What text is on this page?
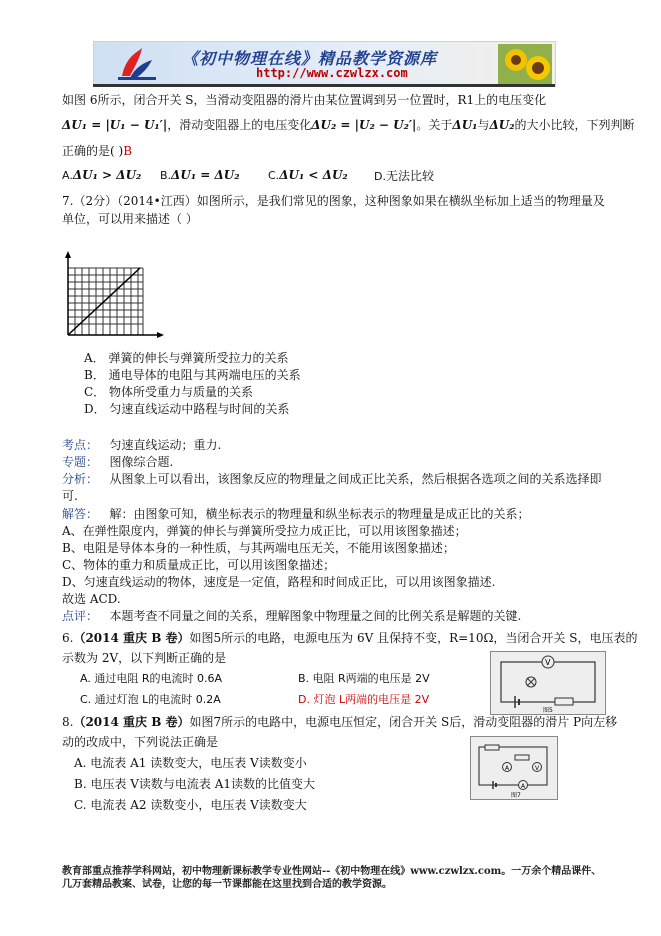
《初中物理在线》精品教学资源库
http://www.czwlzx.com
如图 6所示，闭合开关 S，当滑动变阻器的滑片由某位置调到另一位置时，R1上的电压变化
ΔU₁ = |U₁ − U₁′|，滑动变阻器上的电压变化ΔU₂ = |U₂ − U₂′|。关于ΔU₁与ΔU₂的大小比较，下列判断
正确的是( )B
A.ΔU₁ > ΔU₂ B.ΔU₁ = ΔU₂	C.ΔU₁ < ΔU₂ D.无法比较
7.（2分）（2014•江西）如图所示，是我们常见的图象，这种图象如果在横纵坐标加上适当的物理量及
单位，可以用来描述（ ）
A． 弹簧的伸长与弹簧所受拉力的关系
B． 通电导体的电阻与其两端电压的关系
C． 物体所受重力与质量的关系
D． 匀速直线运动中路程与时间的关系
考点： 匀速直线运动；重力.
专题： 图像综合题.
分析： 从图象上可以看出，该图象反应的物理量之间成正比关系，然后根据各选项之间的关系选择即
可.
解答： 解：由图象可知，横坐标表示的物理量和纵坐标表示的物理量是成正比的关系；
A、在弹性限度内，弹簧的伸长与弹簧所受拉力成正比，可以用该图象描述；
B、电阻是导体本身的一种性质，与其两端电压无关，不能用该图象描述；
C、物体的重力和质量成正比，可以用该图象描述；
D、匀速直线运动的物体，速度是一定值，路程和时间成正比，可以用该图象描述.
故选 ACD.
点评： 本题考查不同量之间的关系，理解图象中物理量之间的比例关系是解题的关键.
6.（2014 重庆 B 卷）如图5所示的电路，电源电压为 6V 且保持不变，R=10Ω，当闭合开关 S，电压表的
示数为 2V，以下判断正确的是
A. 通过电阻 R的电流时 0.6A	B. 电阻 R两端的电压是 2V
C. 通过灯泡 L的电流时 0.2A	D. 灯泡 L两端的电压是 2V
V
图5
8.（2014 重庆 B 卷）如图7所示的电路中，电源电压恒定，闭合开关 S后，滑动变阻器的滑片 P向左移
动的改成中，下列说法正确是
A. 电流表 A1 读数变大，电压表 V读数变小
B. 电压表 V读数与电流表 A1读数的比值变大
C. 电流表 A2 读数变小，电压表 V读数变大
A	V
A
图7
教育部重点推荐学科网站，初中物理新课标教学专业性网站--《初中物理在线》www.czwlzx.com。一万余个精品课件、
几万套精品教案、试卷，让您的每一节课都能在这里找到合适的教学资源。
